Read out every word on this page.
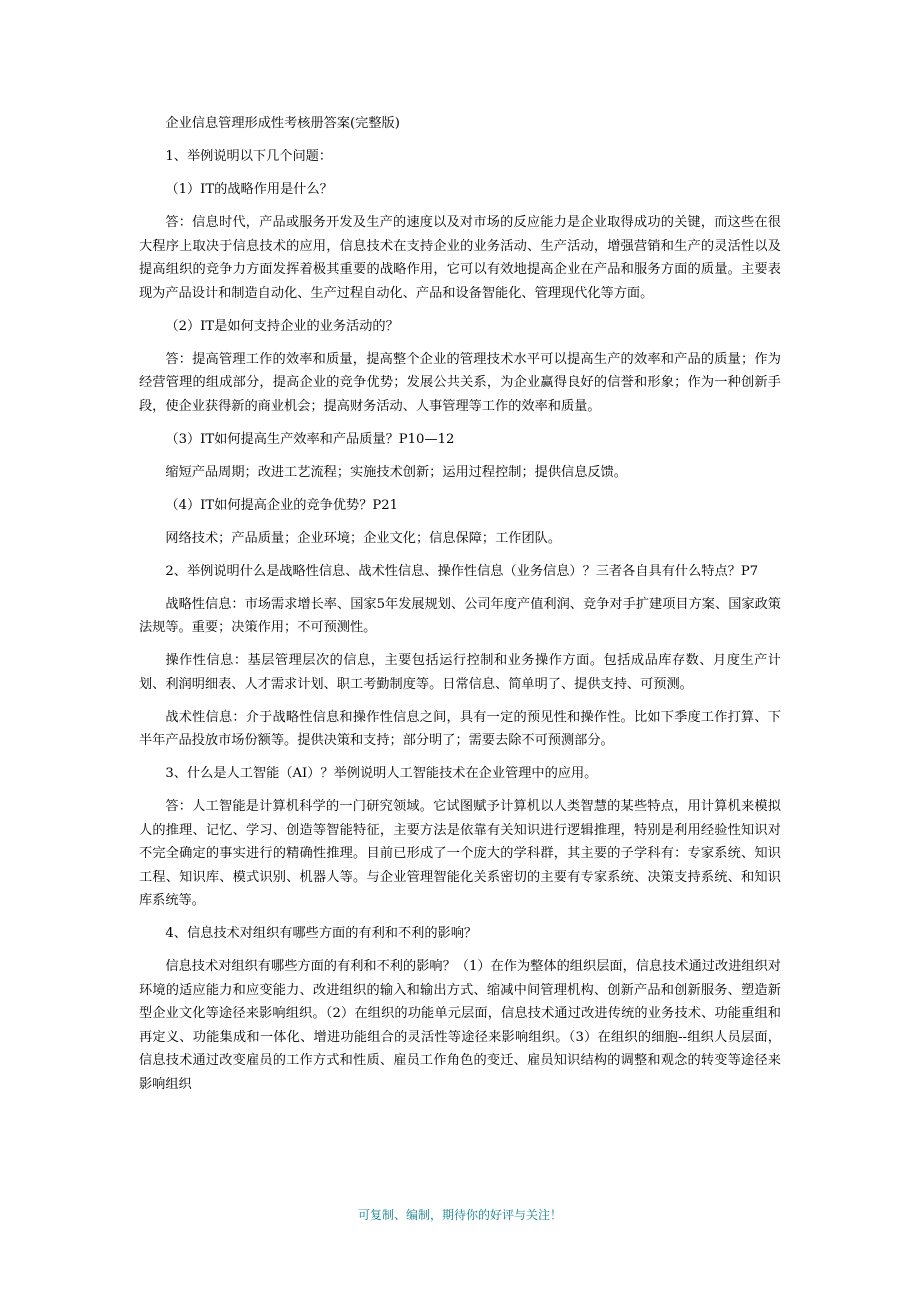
企业信息管理形成性考核册答案(完整版)

1、举例说明以下几个问题：

（1）IT的战略作用是什么？

答：信息时代，产品或服务开发及生产的速度以及对市场的反应能力是企业取得成功的关键，而这些在很大程序上取决于信息技术的应用，信息技术在支持企业的业务活动、生产活动，增强营销和生产的灵活性以及提高组织的竞争力方面发挥着极其重要的战略作用，它可以有效地提高企业在产品和服务方面的质量。主要表现为产品设计和制造自动化、生产过程自动化、产品和设备智能化、管理现代化等方面。

（2）IT是如何支持企业的业务活动的？

答：提高管理工作的效率和质量，提高整个企业的管理技术水平可以提高生产的效率和产品的质量；作为经营管理的组成部分，提高企业的竞争优势；发展公共关系，为企业赢得良好的信誉和形象；作为一种创新手段，使企业获得新的商业机会；提高财务活动、人事管理等工作的效率和质量。

（3）IT如何提高生产效率和产品质量？P10—12

缩短产品周期；改进工艺流程；实施技术创新；运用过程控制；提供信息反馈。

（4）IT如何提高企业的竞争优势？P21

网络技术；产品质量；企业环境；企业文化；信息保障；工作团队。

2、举例说明什么是战略性信息、战术性信息、操作性信息（业务信息）？三者各自具有什么特点？P7

战略性信息：市场需求增长率、国家5年发展规划、公司年度产值利润、竞争对手扩建项目方案、国家政策法规等。重要；决策作用；不可预测性。

操作性信息：基层管理层次的信息，主要包括运行控制和业务操作方面。包括成品库存数、月度生产计划、利润明细表、人才需求计划、职工考勤制度等。日常信息、简单明了、提供支持、可预测。

战术性信息：介于战略性信息和操作性信息之间，具有一定的预见性和操作性。比如下季度工作打算、下半年产品投放市场份额等。提供决策和支持；部分明了；需要去除不可预测部分。

3、什么是人工智能（AI）？举例说明人工智能技术在企业管理中的应用。

答：人工智能是计算机科学的一门研究领域。它试图赋予计算机以人类智慧的某些特点，用计算机来模拟人的推理、记忆、学习、创造等智能特征，主要方法是依靠有关知识进行逻辑推理，特别是利用经验性知识对不完全确定的事实进行的精确性推理。目前已形成了一个庞大的学科群，其主要的子学科有：专家系统、知识工程、知识库、模式识别、机器人等。与企业管理智能化关系密切的主要有专家系统、决策支持系统、和知识库系统等。

4、信息技术对组织有哪些方面的有利和不利的影响？

信息技术对组织有哪些方面的有利和不利的影响？（1）在作为整体的组织层面，信息技术通过改进组织对环境的适应能力和应变能力、改进组织的输入和输出方式、缩减中间管理机构、创新产品和创新服务、塑造新型企业文化等途径来影响组织。（2）在组织的功能单元层面，信息技术通过改进传统的业务技术、功能重组和再定义、功能集成和一体化、增进功能组合的灵活性等途径来影响组织。（3）在组织的细胞--组织人员层面，信息技术通过改变雇员的工作方式和性质、雇员工作角色的变迁、雇员知识结构的调整和观念的转变等途径来影响组织

可复制、编制，期待你的好评与关注！
